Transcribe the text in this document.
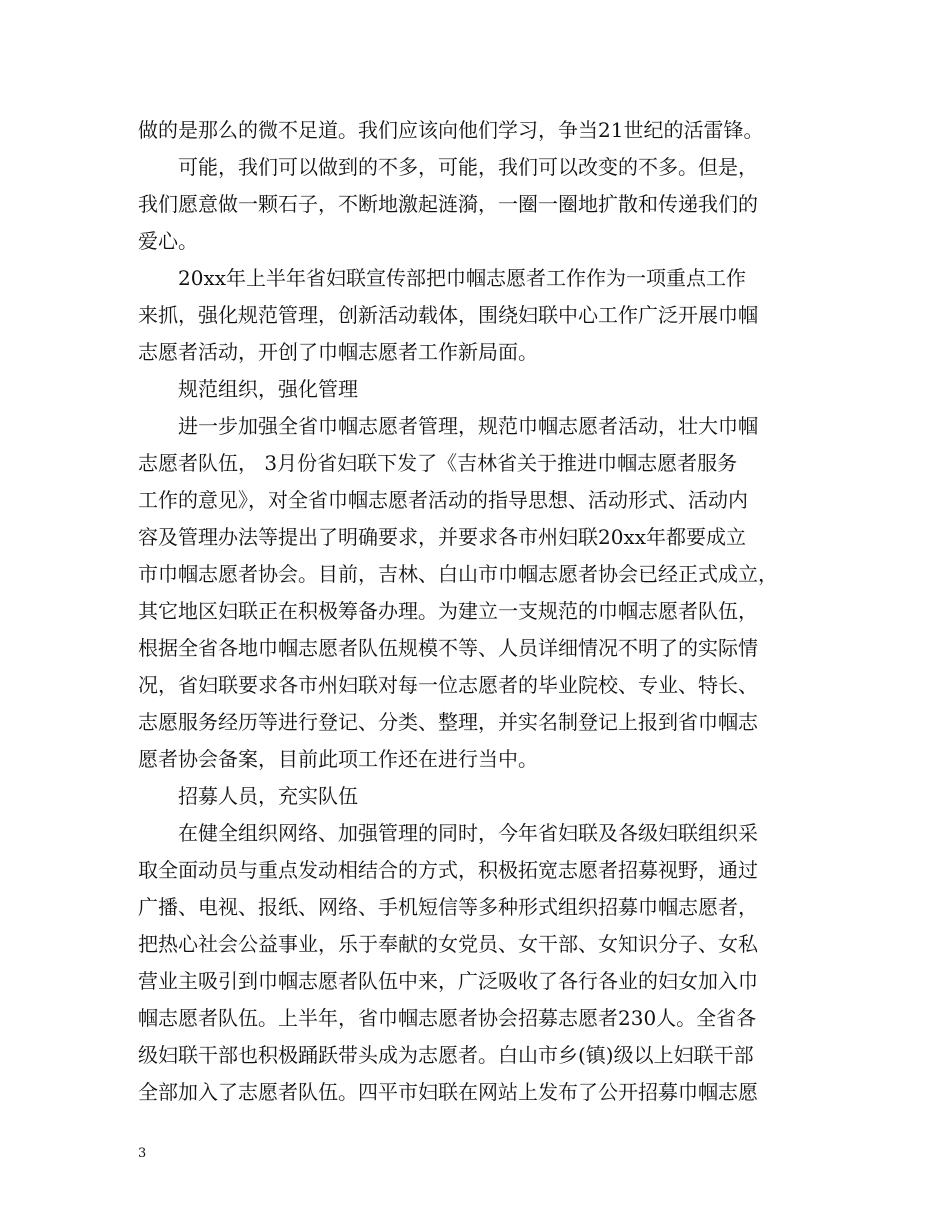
做的是那么的微不足道。我们应该向他们学习，争当21世纪的活雷锋。
可能，我们可以做到的不多，可能，我们可以改变的不多。但是，
我们愿意做一颗石子，不断地激起涟漪，一圈一圈地扩散和传递我们的
爱心。
20xx年上半年省妇联宣传部把巾帼志愿者工作作为一项重点工作
来抓，强化规范管理，创新活动载体，围绕妇联中心工作广泛开展巾帼
志愿者活动，开创了巾帼志愿者工作新局面。
规范组织，强化管理
进一步加强全省巾帼志愿者管理，规范巾帼志愿者活动，壮大巾帼
志愿者队伍， 3月份省妇联下发了《吉林省关于推进巾帼志愿者服务
工作的意见》，对全省巾帼志愿者活动的指导思想、活动形式、活动内
容及管理办法等提出了明确要求，并要求各市州妇联20xx年都要成立
市巾帼志愿者协会。目前，吉林、白山市巾帼志愿者协会已经正式成立，
其它地区妇联正在积极筹备办理。为建立一支规范的巾帼志愿者队伍，
根据全省各地巾帼志愿者队伍规模不等、人员详细情况不明了的实际情
况，省妇联要求各市州妇联对每一位志愿者的毕业院校、专业、特长、
志愿服务经历等进行登记、分类、整理，并实名制登记上报到省巾帼志
愿者协会备案，目前此项工作还在进行当中。
招募人员，充实队伍
在健全组织网络、加强管理的同时，今年省妇联及各级妇联组织采
取全面动员与重点发动相结合的方式，积极拓宽志愿者招募视野，通过
广播、电视、报纸、网络、手机短信等多种形式组织招募巾帼志愿者，
把热心社会公益事业，乐于奉献的女党员、女干部、女知识分子、女私
营业主吸引到巾帼志愿者队伍中来，广泛吸收了各行各业的妇女加入巾
帼志愿者队伍。上半年，省巾帼志愿者协会招募志愿者230人。全省各
级妇联干部也积极踊跃带头成为志愿者。白山市乡(镇)级以上妇联干部
全部加入了志愿者队伍。四平市妇联在网站上发布了公开招募巾帼志愿
3
